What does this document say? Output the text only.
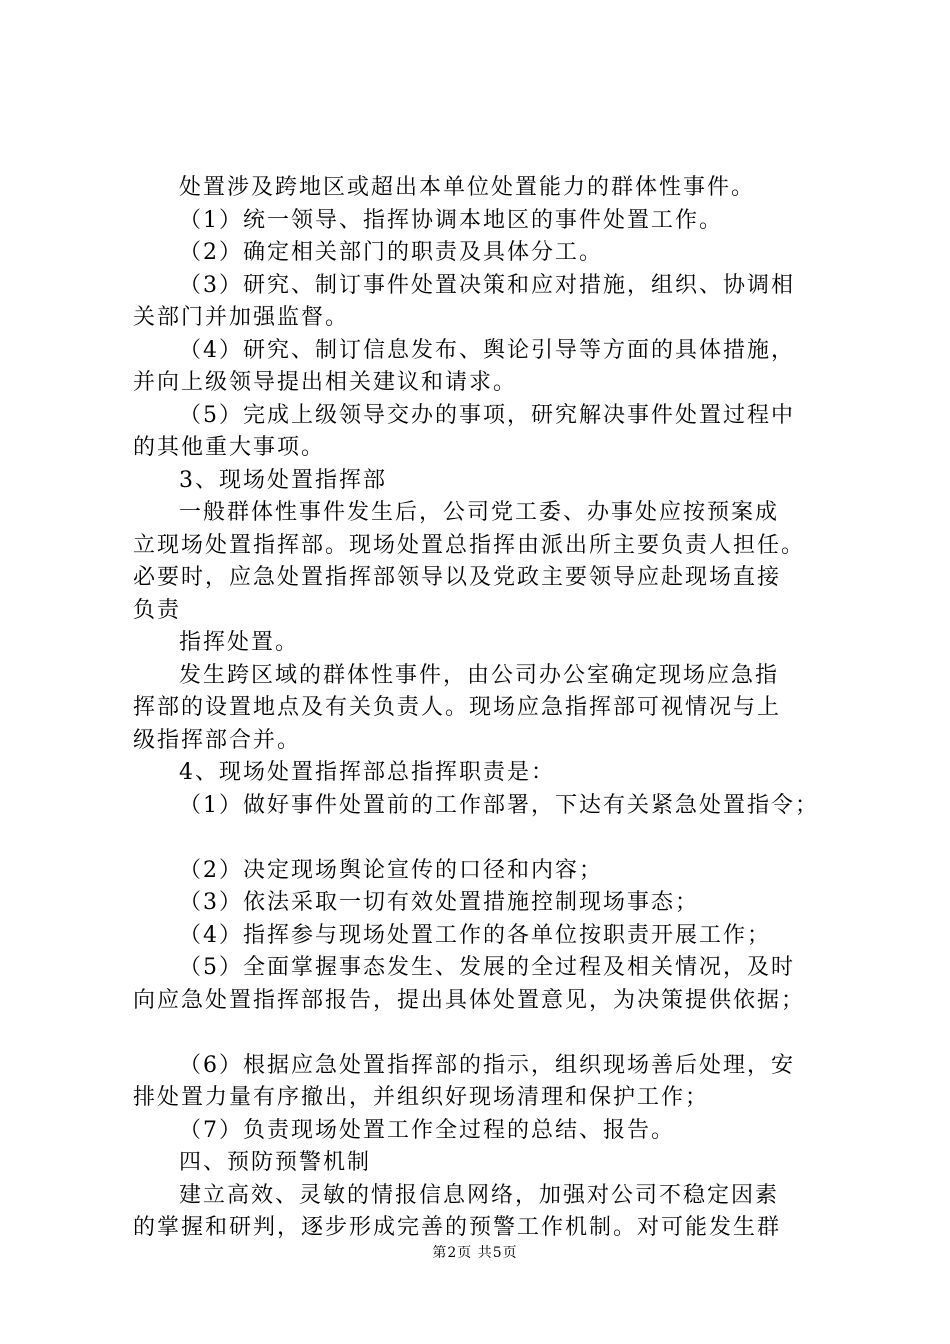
处置涉及跨地区或超出本单位处置能力的群体性事件。
（1）统一领导、指挥协调本地区的事件处置工作。
（2）确定相关部门的职责及具体分工。
（3）研究、制订事件处置决策和应对措施，组织、协调相
关部门并加强监督。
（4）研究、制订信息发布、舆论引导等方面的具体措施，
并向上级领导提出相关建议和请求。
（5）完成上级领导交办的事项，研究解决事件处置过程中
的其他重大事项。
3、现场处置指挥部
一般群体性事件发生后，公司党工委、办事处应按预案成
立现场处置指挥部。现场处置总指挥由派出所主要负责人担任。
必要时，应急处置指挥部领导以及党政主要领导应赴现场直接
负责
指挥处置。
发生跨区域的群体性事件，由公司办公室确定现场应急指
挥部的设置地点及有关负责人。现场应急指挥部可视情况与上
级指挥部合并。
4、现场处置指挥部总指挥职责是：
（1）做好事件处置前的工作部署，下达有关紧急处置指令；
（2）决定现场舆论宣传的口径和内容；
（3）依法采取一切有效处置措施控制现场事态；
（4）指挥参与现场处置工作的各单位按职责开展工作；
（5）全面掌握事态发生、发展的全过程及相关情况，及时
向应急处置指挥部报告，提出具体处置意见，为决策提供依据；
（6）根据应急处置指挥部的指示，组织现场善后处理，安
排处置力量有序撤出，并组织好现场清理和保护工作；
（7）负责现场处置工作全过程的总结、报告。
四、预防预警机制
建立高效、灵敏的情报信息网络，加强对公司不稳定因素
的掌握和研判，逐步形成完善的预警工作机制。对可能发生群
第2页 共5页
